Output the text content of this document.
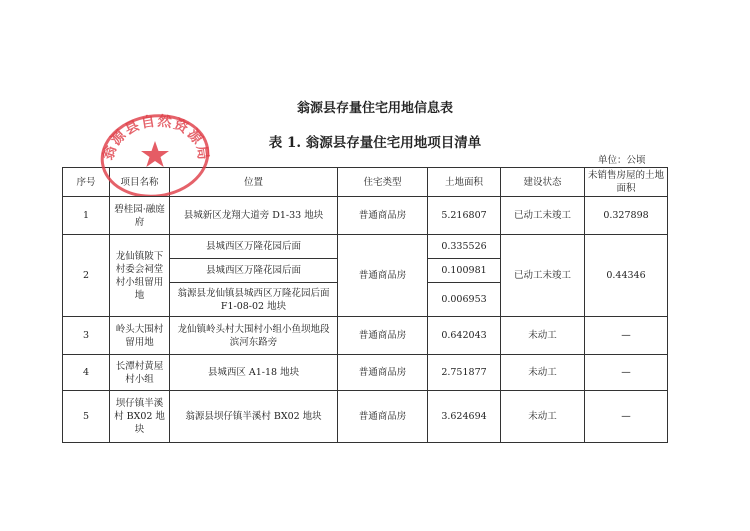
翁源县存量住宅用地信息表
表 1. 翁源县存量住宅用地项目清单
单位：公顷
序号	项目名称	位置	住宅类型	土地面积	建设状态	未销售房屋的土地面积
1	碧桂园·融庭府	县城新区龙翔大道旁 D1-33 地块	普通商品房	5.216807	已动工未竣工	0.327898
2	龙仙镇陂下村委会祠堂村小组留用地	县城西区万隆花园后面	普通商品房	0.335526	已动工未竣工	0.44346
		县城西区万隆花园后面		0.100981		
		翁源县龙仙镇县城西区万隆花园后面 F1-08-02 地块		0.006953		
3	岭头大围村留用地	龙仙镇岭头村大围村小组小鱼坝地段滨河东路旁	普通商品房	0.642043	未动工	—
4	长潭村黄屋村小组	县城西区 A1-18 地块	普通商品房	2.751877	未动工	—
5	坝仔镇半溪村 BX02 地块	翁源县坝仔镇半溪村 BX02 地块	普通商品房	3.624694	未动工	—
翁源县自然资源局
